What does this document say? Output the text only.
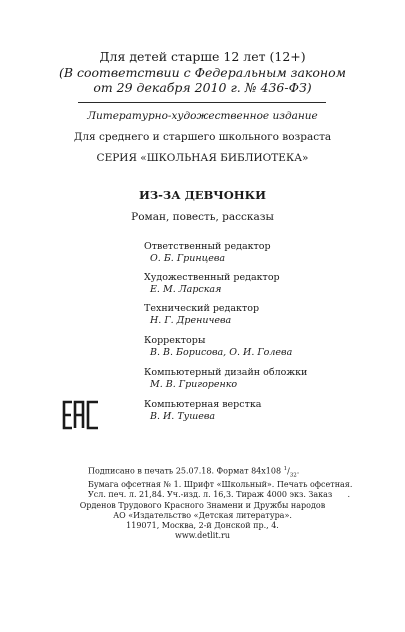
Для детей старше 12 лет (12+)
(В соответствии с Федеральным законом
от 29 декабря 2010 г. № 436-ФЗ)
Литературно-художественное издание
Для среднего и старшего школьного возраста
СЕРИЯ «ШКОЛЬНАЯ БИБЛИОТЕКА»
ИЗ-ЗА ДЕВЧОНКИ
Роман, повесть, рассказы
Ответственный редактор
О. Б. Гринцева
Художественный редактор
Е. М. Ларская
Технический редактор
Н. Г. Дреничева
Корректоры
В. В. Борисова, О. И. Голева
Компьютерный дизайн обложки
М. В. Григоренко
Компьютерная верстка
В. И. Тушева
Подписано в печать 25.07.18. Формат 84x108 $^1/_{32}$.
Бумага офсетная № 1. Шрифт «Школьный». Печать офсетная.
Усл. печ. л. 21,84. Уч.-изд. л. 16,3. Тираж 4000 экз. Заказ      .
Орденов Трудового Красного Знамени и Дружбы народов
АО «Издательство «Детская литература».
119071, Москва, 2-й Донской пр., 4.
www.detlit.ru
